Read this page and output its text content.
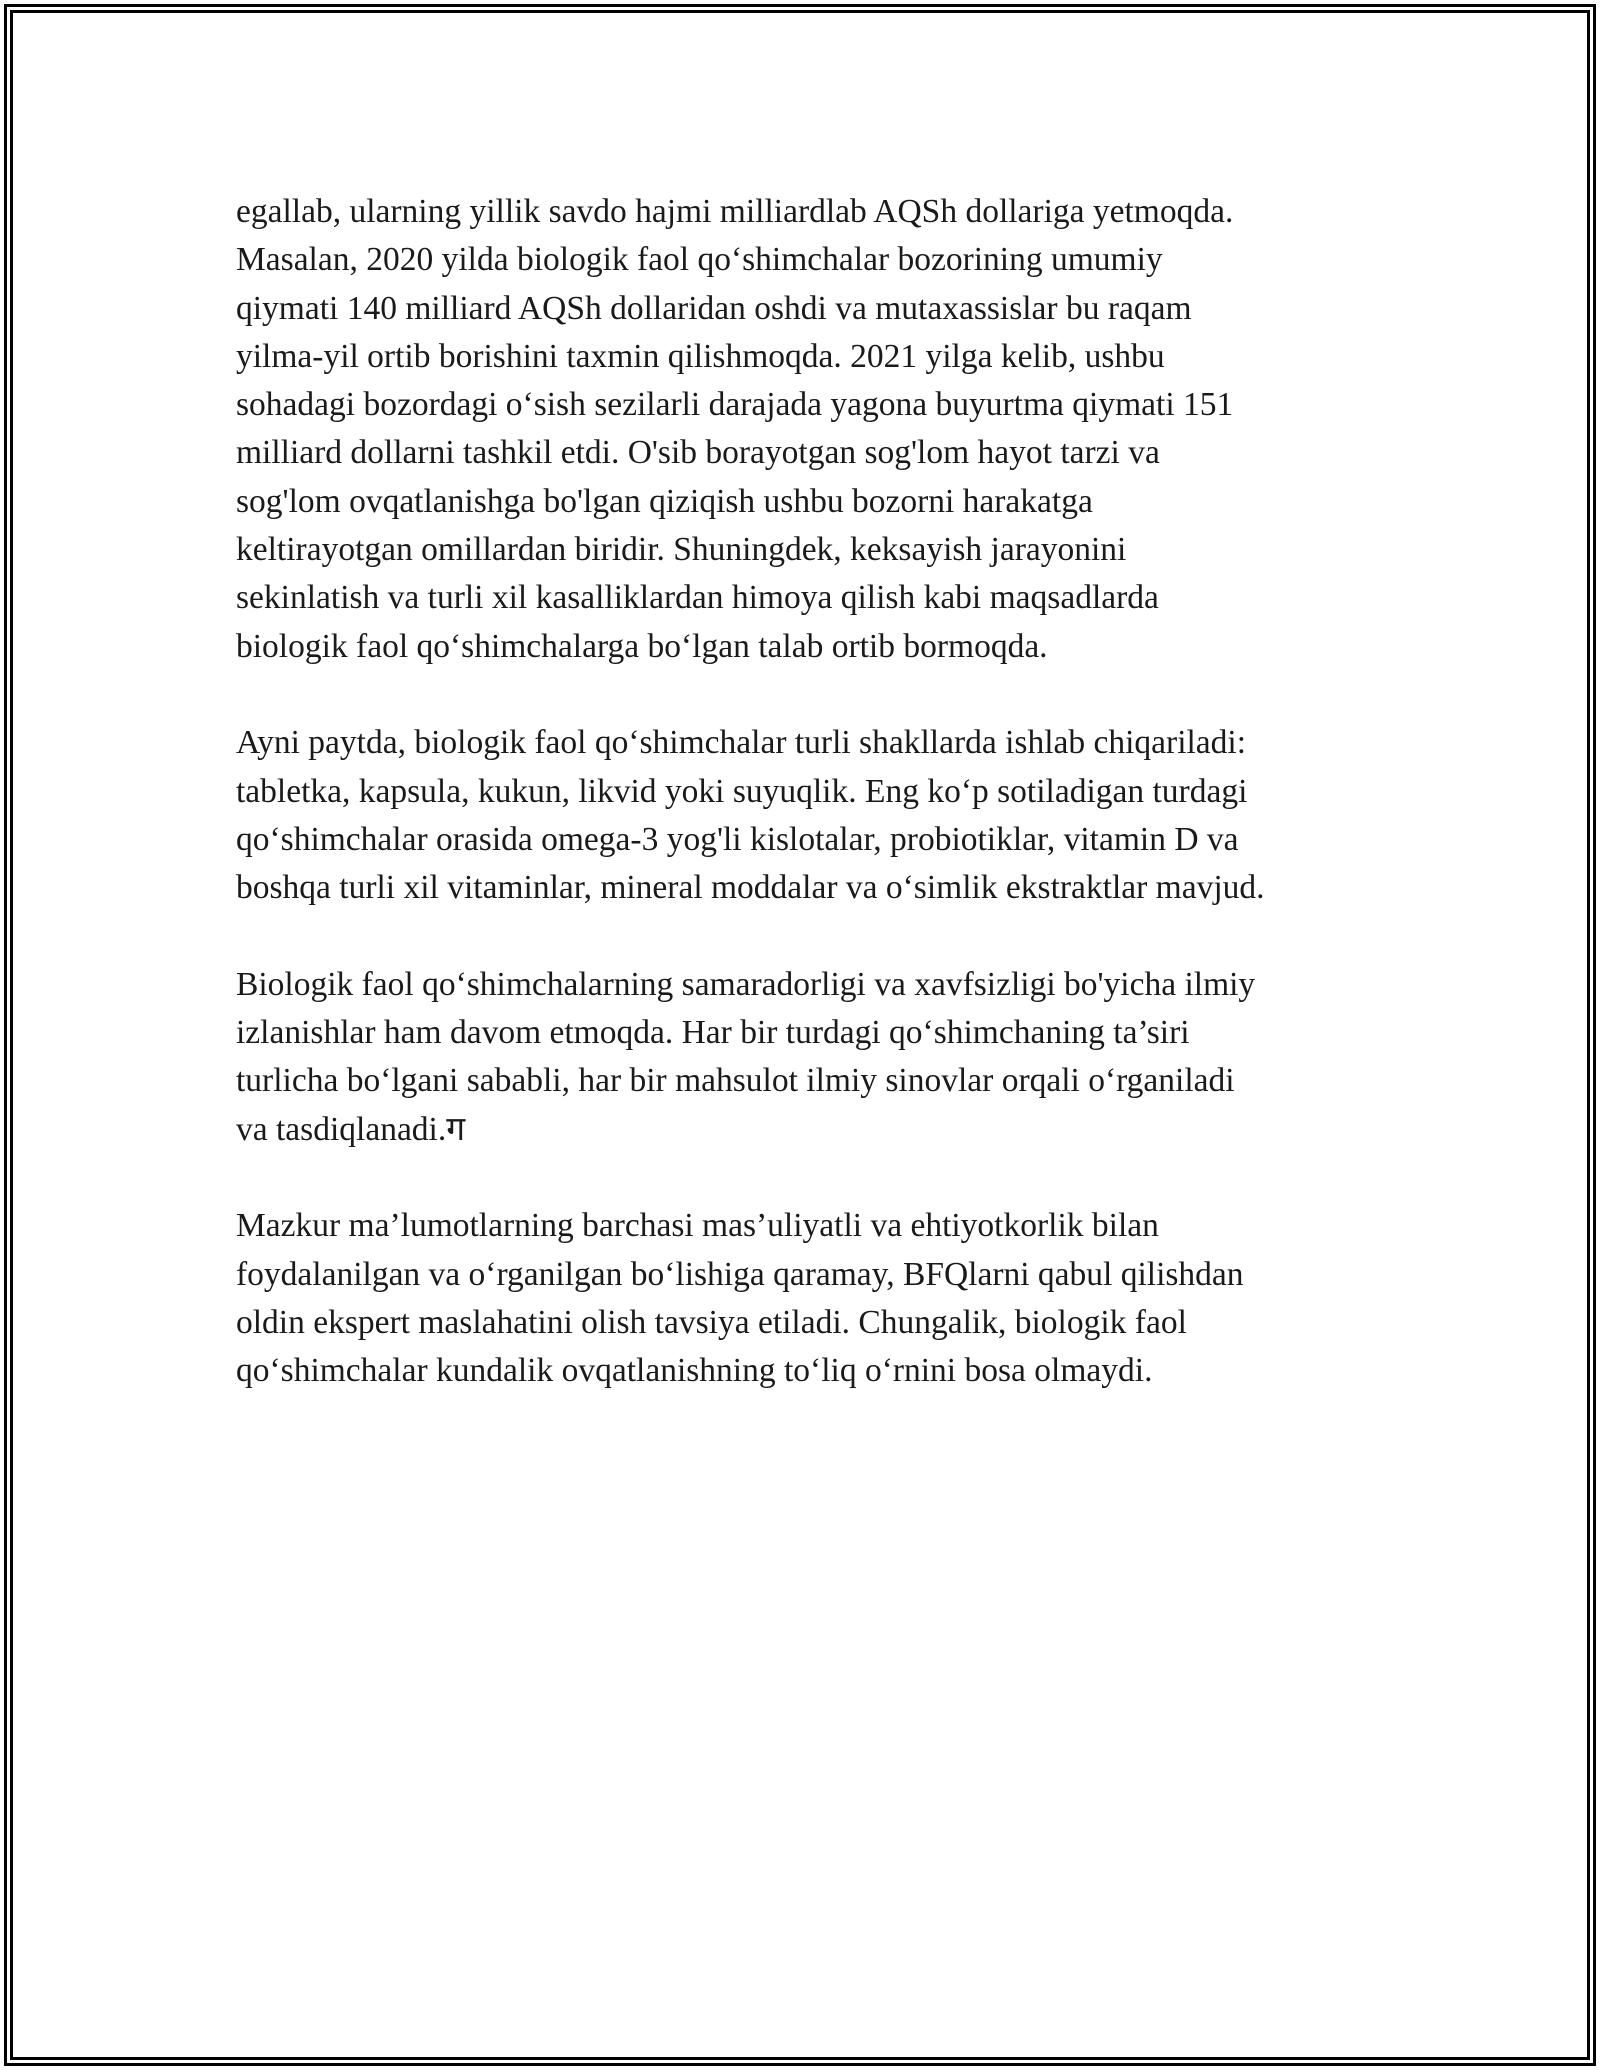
egallab, ularning yillik savdo hajmi milliardlab AQSh dollariga yetmoqda.
Masalan, 2020 yilda biologik faol qo‘shimchalar bozorining umumiy
qiymati 140 milliard AQSh dollaridan oshdi va mutaxassislar bu raqam
yilma-yil ortib borishini taxmin qilishmoqda. 2021 yilga kelib, ushbu
sohadagi bozordagi o‘sish sezilarli darajada yagona buyurtma qiymati 151
milliard dollarni tashkil etdi. O'sib borayotgan sog'lom hayot tarzi va
sog'lom ovqatlanishga bo'lgan qiziqish ushbu bozorni harakatga
keltirayotgan omillardan biridir. Shuningdek, keksayish jarayonini
sekinlatish va turli xil kasalliklardan himoya qilish kabi maqsadlarda
biologik faol qo‘shimchalarga bo‘lgan talab ortib bormoqda.

Ayni paytda, biologik faol qo‘shimchalar turli shakllarda ishlab chiqariladi:
tabletka, kapsula, kukun, likvid yoki suyuqlik. Eng ko‘p sotiladigan turdagi
qo‘shimchalar orasida omega-3 yog'li kislotalar, probiotiklar, vitamin D va
boshqa turli xil vitaminlar, mineral moddalar va o‘simlik ekstraktlar mavjud.

Biologik faol qo‘shimchalarning samaradorligi va xavfsizligi bo'yicha ilmiy
izlanishlar ham davom etmoqda. Har bir turdagi qo‘shimchaning ta’siri
turlicha bo‘lgani sababli, har bir mahsulot ilmiy sinovlar orqali o‘rganiladi
va tasdiqlanadi.ग

Mazkur ma’lumotlarning barchasi mas’uliyatli va ehtiyotkorlik bilan
foydalanilgan va o‘rganilgan bo‘lishiga qaramay, BFQlarni qabul qilishdan
oldin ekspert maslahatini olish tavsiya etiladi. Chungalik, biologik faol
qo‘shimchalar kundalik ovqatlanishning to‘liq o‘rnini bosa olmaydi.
